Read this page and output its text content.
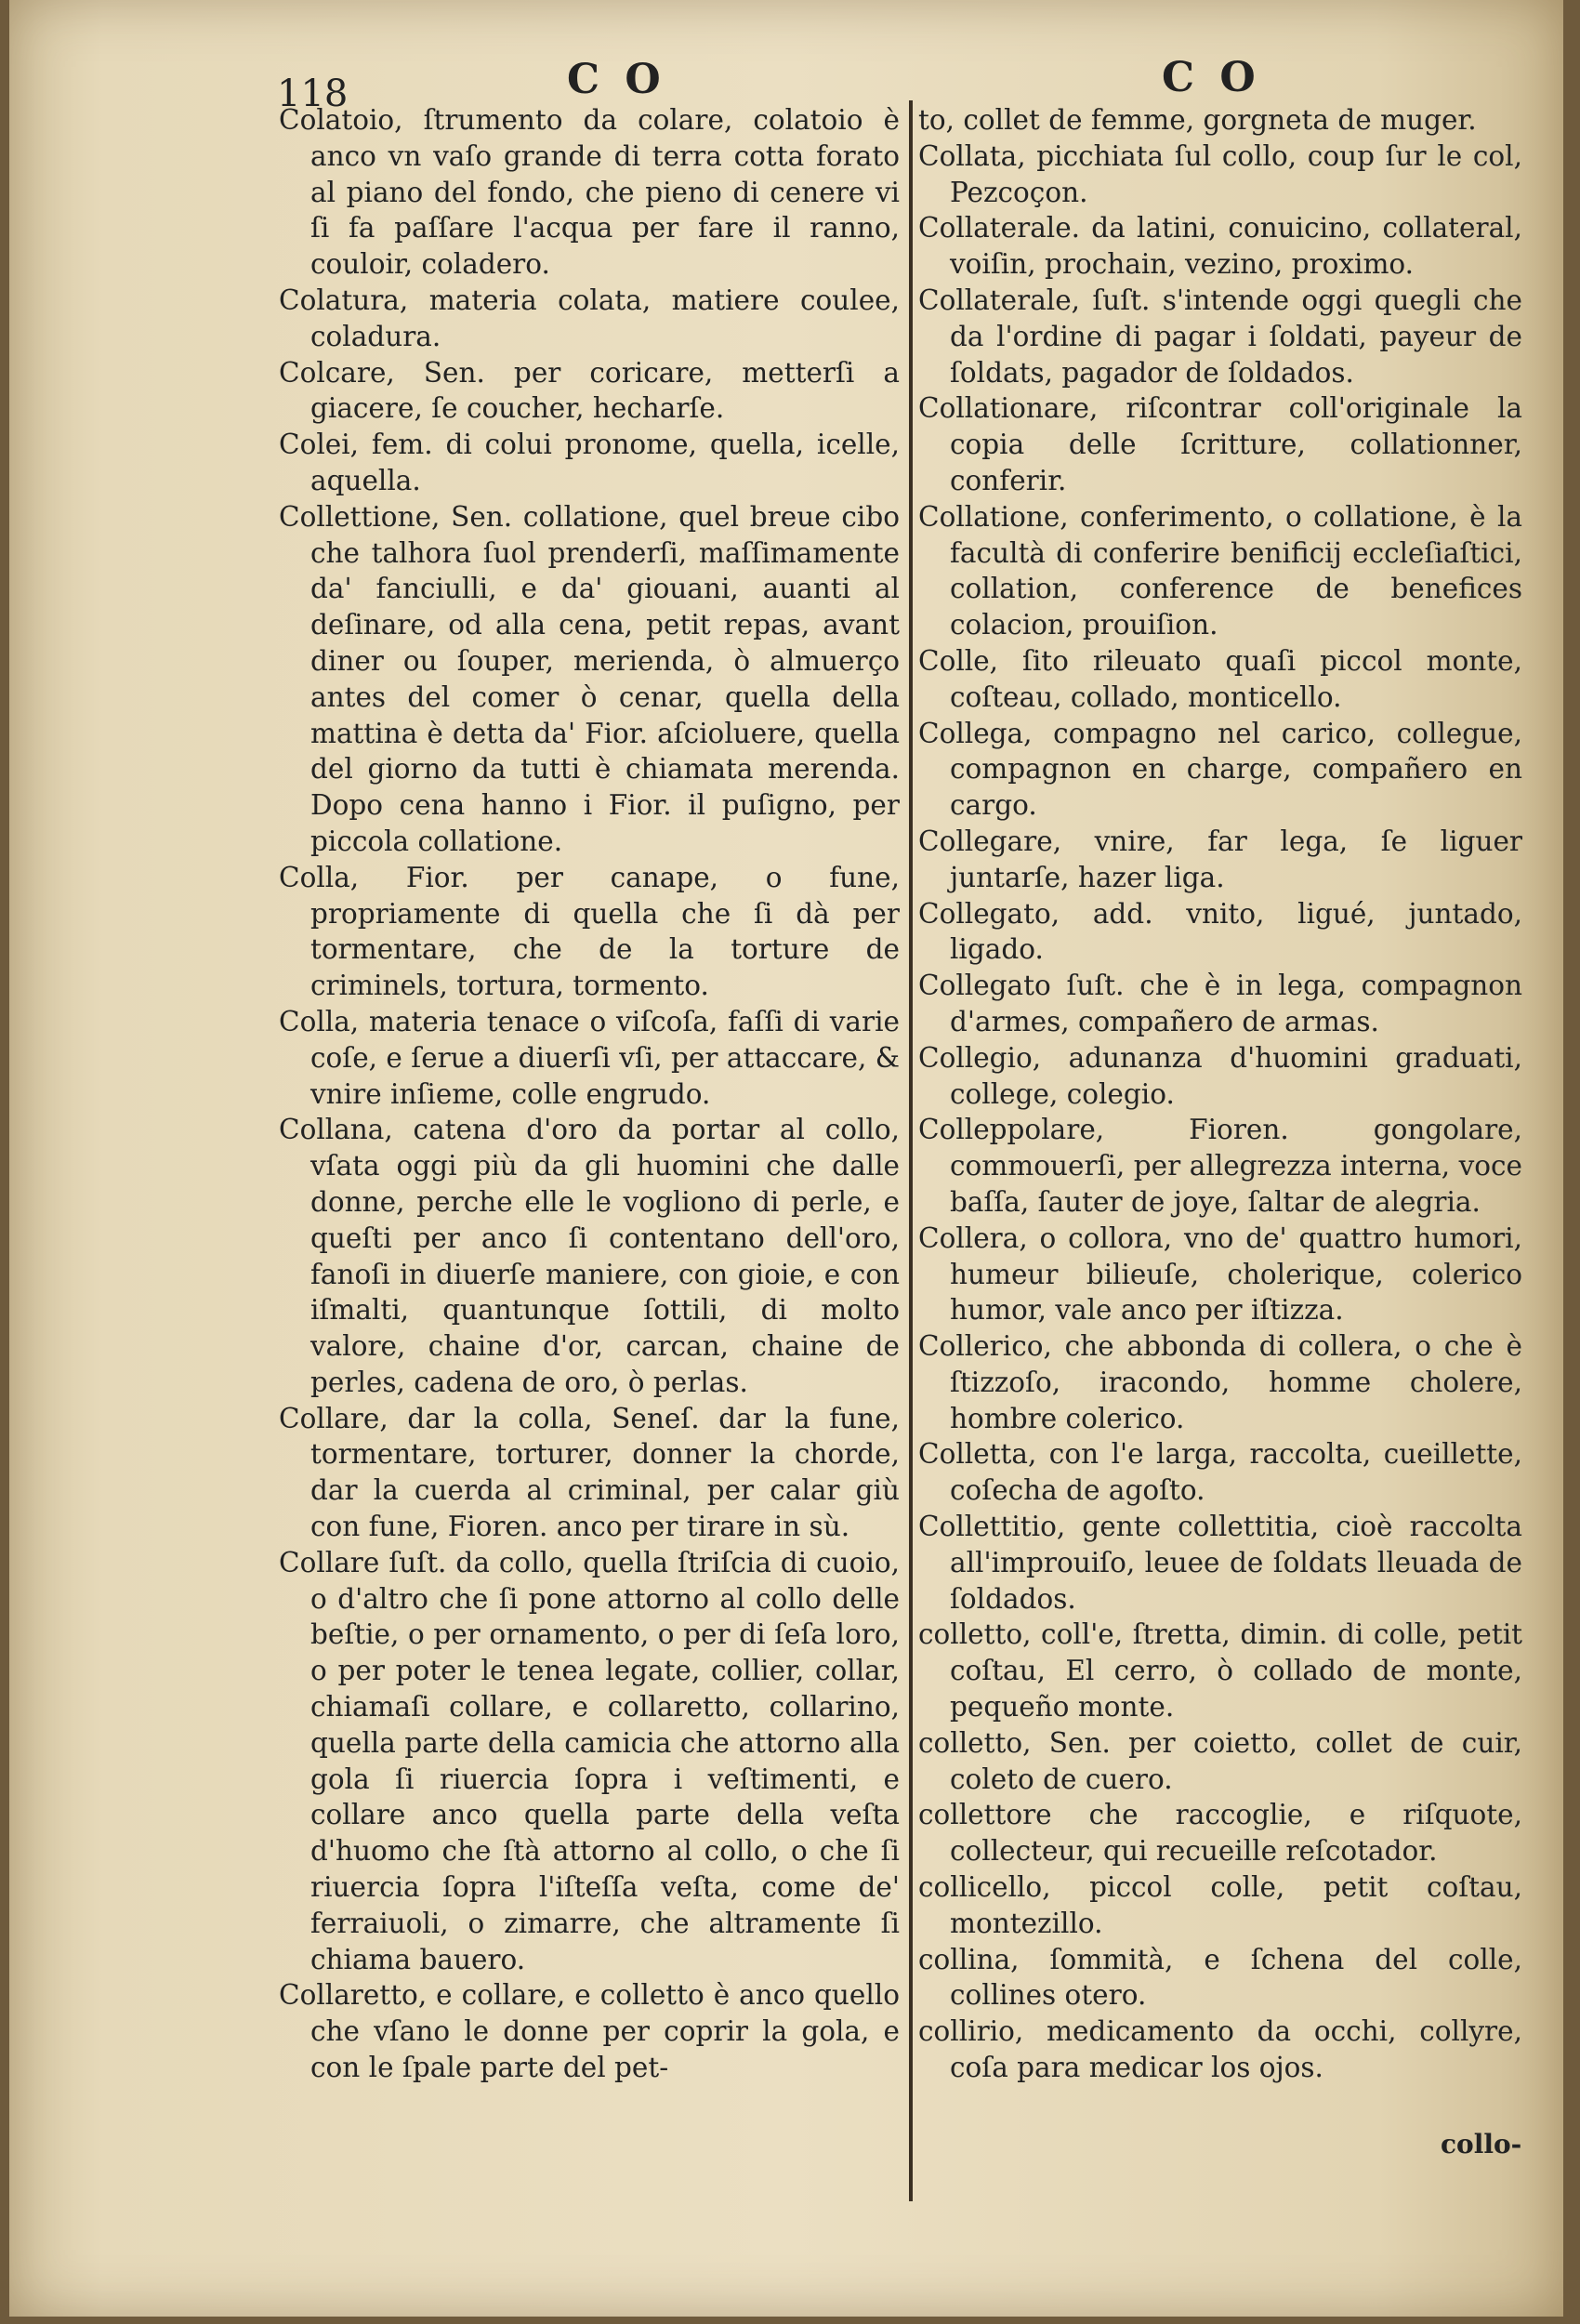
118	C O	C O

Colatoio, ſtrumento da colare, colatoio è anco vn vaſo grande di terra cotta forato al piano del fondo, che pieno di cenere vi ſi fa paſſare l'acqua per fare il ranno, couloir, coladero.

Colatura, materia colata, matiere coulee, coladura.

Colcare, Sen. per coricare, metterſi a giacere, ſe coucher, hecharſe.

Colei, fem. di colui pronome, quella, icelle, aquella.

Collettione, Sen. collatione, quel breue cibo che talhora ſuol prenderſi, maſſimamente da' fanciulli, e da' giouani, auanti al deſinare, od alla cena, petit repas, avant diner ou ſouper, merienda, ò almuerço antes del comer ò cenar, quella della mattina è detta da' Fior. aſcioluere, quella del giorno da tutti è chiamata merenda. Dopo cena hanno i Fior. il puſigno, per piccola collatione.

Colla, Fior. per canape, o fune, propriamente di quella che ſi dà per tormentare, che de la torture de criminels, tortura, tormento.

Colla, materia tenace o viſcoſa, faſſi di varie coſe, e ſerue a diuerſi vſi, per attaccare, & vnire inſieme, colle engrudo.

Collana, catena d'oro da portar al collo, vſata oggi più da gli huomini che dalle donne, perche elle le vogliono di perle, e queſti per anco ſi contentano dell'oro, fanoſi in diuerſe maniere, con gioie, e con iſmalti, quantunque ſottili, di molto valore, chaine d'or, carcan, chaine de perles, cadena de oro, ò perlas.

Collare, dar la colla, Seneſ. dar la fune, tormentare, torturer, donner la chorde, dar la cuerda al criminal, per calar giù con fune, Fioren. anco per tirare in sù.

Collare ſuſt. da collo, quella ſtriſcia di cuoio, o d'altro che ſi pone attorno al collo delle beſtie, o per ornamento, o per di ſeſa loro, o per poter le tenea legate, collier, collar, chiamaſi collare, e collaretto, collarino, quella parte della camicia che attorno alla gola ſi riuercia ſopra i veſtimenti, e collare anco quella parte della veſta d'huomo che ſtà attorno al collo, o che ſi riuercia ſopra l'iſteſſa veſta, come de' ferraiuoli, o zimarre, che altramente ſi chiama bauero.

Collaretto, e collare, e colletto è anco quello che vſano le donne per coprir la gola, e con le ſpale parte del pet-

to, collet de femme, gorgneta de muger.

Collata, picchiata ſul collo, coup ſur le col, Pezcoçon.

Collaterale. da latini, conuicino, collateral, voiſin, prochain, vezino, proximo.

Collaterale, ſuſt. s'intende oggi quegli che da l'ordine di pagar i ſoldati, payeur de ſoldats, pagador de ſoldados.

Collationare, riſcontrar coll'originale la copia delle ſcritture, collationner, conferir.

Collatione, conferimento, o collatione, è la facultà di conferire benificij eccleſiaſtici, collation, conference de benefices colacion, prouiſion.

Colle, ſito rileuato quaſi piccol monte, coſteau, collado, monticello.

Collega, compagno nel carico, collegue, compagnon en charge, compañero en cargo.

Collegare, vnire, far lega, ſe liguer juntarſe, hazer liga.

Collegato, add. vnito, ligué, juntado, ligado.

Collegato ſuſt. che è in lega, compagnon d'armes, compañero de armas.

Collegio, adunanza d'huomini graduati, college, colegio.

Colleppolare, Fioren. gongolare, commouerſi, per allegrezza interna, voce baſſa, ſauter de joye, ſaltar de alegria.

Collera, o collora, vno de' quattro humori, humeur bilieuſe, cholerique, colerico humor, vale anco per iſtizza.

Collerico, che abbonda di collera, o che è ſtizzoſo, iracondo, homme cholere, hombre colerico.

Colletta, con l'e larga, raccolta, cueillette, coſecha de agoſto.

Collettitio, gente collettitia, cioè raccolta all'improuiſo, leuee de ſoldats lleuada de ſoldados.

colletto, coll'e, ſtretta, dimin. di colle, petit coſtau, El cerro, ò collado de monte, pequeño monte.

colletto, Sen. per coietto, collet de cuir, coleto de cuero.

collettore che raccoglie, e riſquote, collecteur, qui recueille reſcotador.

collicello, piccol colle, petit coſtau, montezillo.

collina, ſommità, e ſchena del colle, collines otero.

collirio, medicamento da occhi, collyre, coſa para medicar los ojos.

collo-
